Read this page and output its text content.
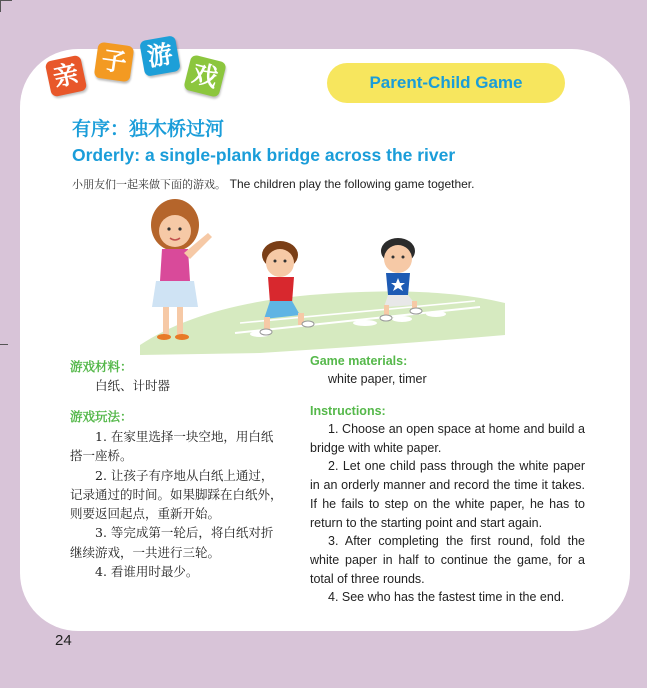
亲 子 游
戏	Parent-Child Game
有序：独木桥过河
Orderly: a single-plank bridge across the river
小朋友们一起来做下面的游戏。 The children play the following game together.
游戏材料：
白纸、计时器
Game materials:

white paper, timer

游戏玩法：

1. 在家里选择一块空地，用白纸搭一座桥。

2. 让孩子有序地从白纸上通过，记录通过的时间。如果脚踩在白纸外，则要返回起点，重新开始。

3. 等完成第一轮后，将白纸对折继续游戏，一共进行三轮。

4. 看谁用时最少。

Instructions:

1. Choose an open space at home and build a bridge with white paper.

2. Let one child pass through the white paper in an orderly manner and record the time it takes. If he fails to step on the white paper, he has to return to the starting point and start again.

3. After completing the first round, fold the white paper in half to continue the game, for a total of three rounds.

4. See who has the fastest time in the end.

24
